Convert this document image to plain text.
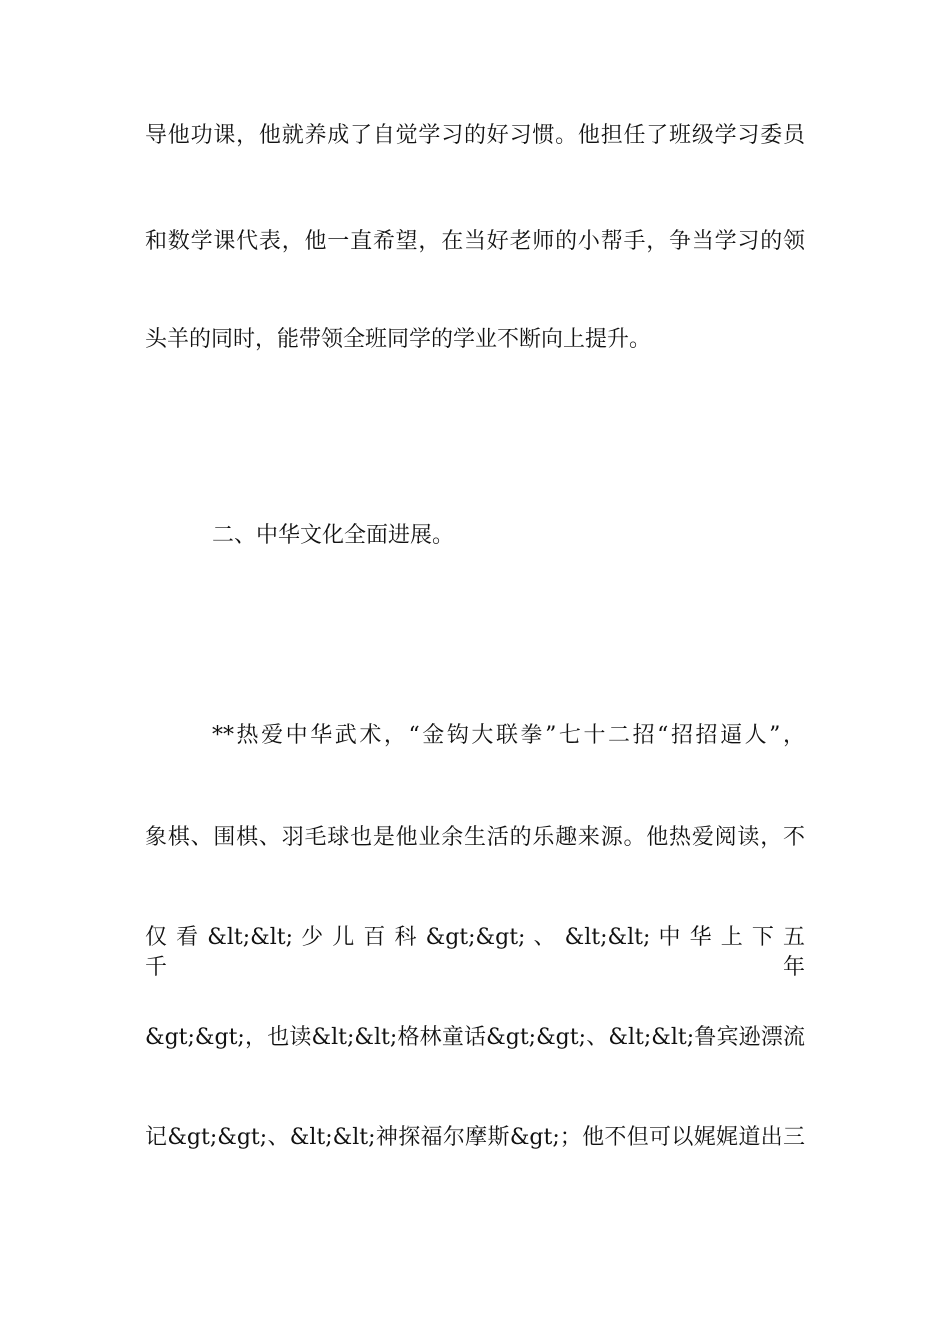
导他功课，他就养成了自觉学习的好习惯。他担任了班级学习委员
和数学课代表，他一直希望，在当好老师的小帮手，争当学习的领
头羊的同时，能带领全班同学的学业不断向上提升。
二、中华文化全面进展。
**热爱中华武术，“金钩大联拳”七十二招“招招逼人”，
象棋、围棋、羽毛球也是他业余生活的乐趣来源。他热爱阅读，不
仅 看 &lt;&lt; 少 儿 百 科 &gt;&gt; 、 &lt;&lt; 中 华 上 下 五 千 年
&gt;&gt;，也读&lt;&lt;格林童话&gt;&gt;、&lt;&lt;鲁宾逊漂流
记&gt;&gt;、&lt;&lt;神探福尔摩斯&gt;；他不但可以娓娓道出三
